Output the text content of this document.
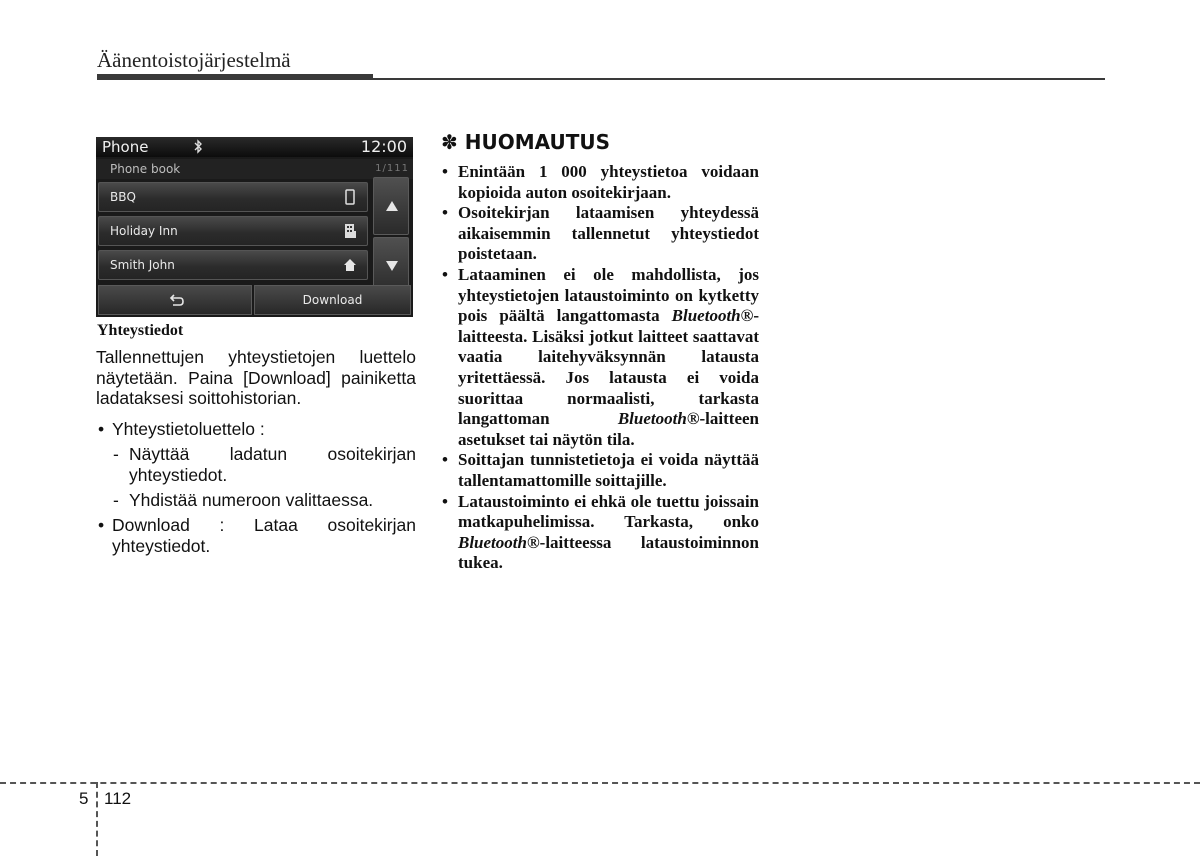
Äänentoistojärjestelmä
Phone	12:00
Phone book	1/111
BBQ
Holiday Inn
Smith John
Download
Yhteystiedot
Tallennettujen yhteystietojen luettelo näytetään. Paina [Download] painiketta ladataksesi soittohistorian.
• Yhteystietoluettelo :
- Näyttää ladatun osoitekirjan yhteystiedot.
- Yhdistää numeroon valittaessa.
• Download : Lataa osoitekirjan yhteystiedot.
✽ HUOMAUTUS
• Enintään 1 000 yhteystietoa voidaan kopioida auton osoitekirjaan.
• Osoitekirjan lataamisen yhteydessä aikaisemmin tallennetut yhteystiedot poistetaan.
• Lataaminen ei ole mahdollista, jos yhteystietojen lataustoiminto on kytketty pois päältä langattomasta Bluetooth®-laitteesta. Lisäksi jotkut laitteet saattavat vaatia laitehyväksynnän latausta yritettäessä. Jos latausta ei voida suorittaa normaalisti, tarkasta langattoman	Bluetooth®-laitteen asetukset tai näytön tila.
• Soittajan tunnistetietoja ei voida näyttää tallentamattomille soittajille.
• Lataustoiminto ei ehkä ole tuettu joissain matkapuhelimissa. Tarkasta, onko Bluetooth®-laitteessa lataustoiminnon tukea.
5 112
